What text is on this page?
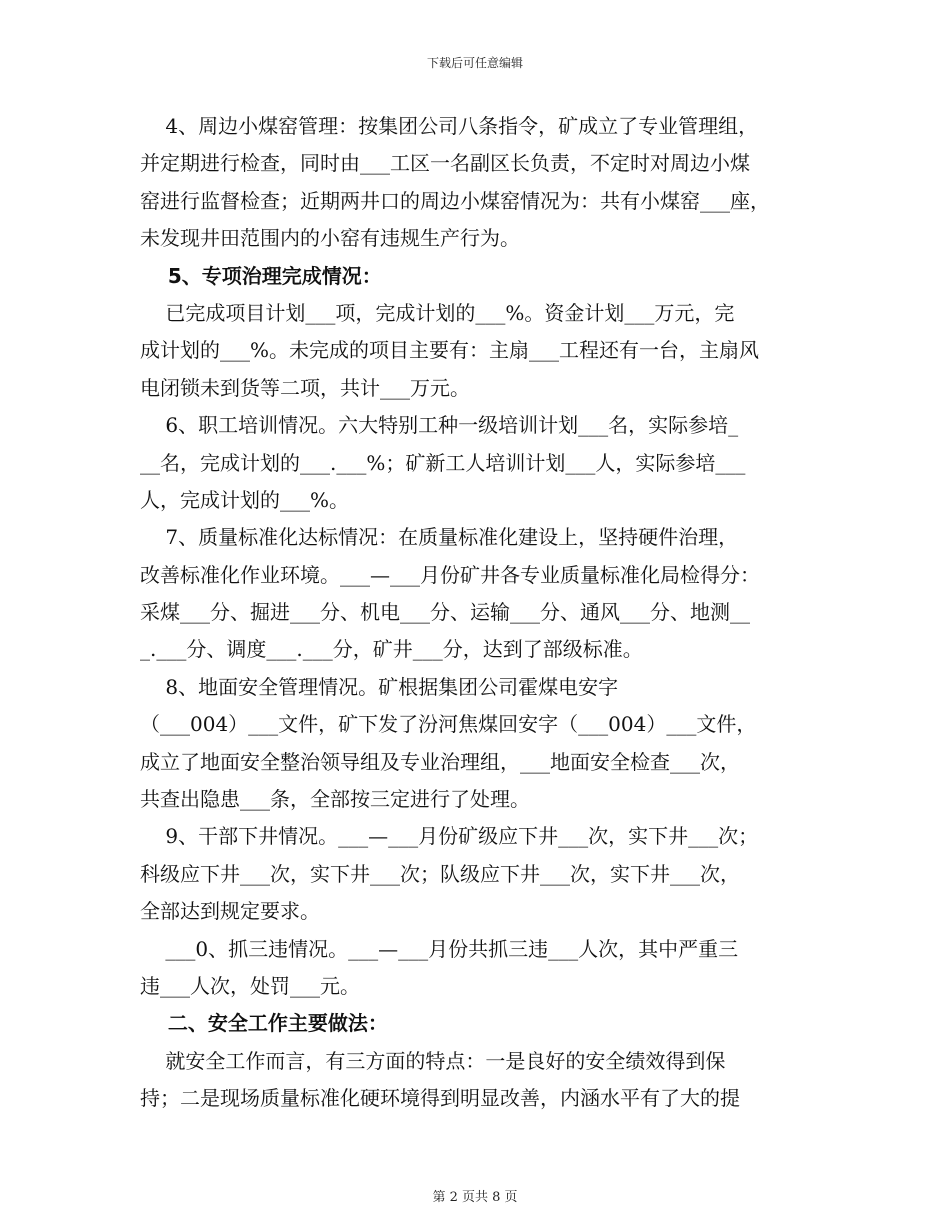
下载后可任意编辑
4、周边小煤窑管理：按集团公司八条指令，矿成立了专业管理组，
并定期进行检查，同时由___工区一名副区长负责，不定时对周边小煤
窑进行监督检查；近期两井口的周边小煤窑情况为：共有小煤窑___座，
未发现井田范围内的小窑有违规生产行为。
5、专项治理完成情况：
已完成项目计划___项，完成计划的___%。资金计划___万元，完
成计划的___%。未完成的项目主要有：主扇___工程还有一台，主扇风
电闭锁未到货等二项，共计___万元。
6、职工培训情况。六大特别工种一级培训计划___名，实际参培_
__名，完成计划的___.___%；矿新工人培训计划___人，实际参培___
人，完成计划的___%。
7、质量标准化达标情况：在质量标准化建设上，坚持硬件治理，
改善标准化作业环境。___—___月份矿井各专业质量标准化局检得分：
采煤___分、掘进___分、机电___分、运输___分、通风___分、地测__
_.___分、调度___.___分，矿井___分，达到了部级标准。
8、地面安全管理情况。矿根据集团公司霍煤电安字
（___004）___文件，矿下发了汾河焦煤回安字（___004）___文件，
成立了地面安全整治领导组及专业治理组，___地面安全检查___次，
共查出隐患___条，全部按三定进行了处理。
9、干部下井情况。___—___月份矿级应下井___次，实下井___次；
科级应下井___次，实下井___次；队级应下井___次，实下井___次，
全部达到规定要求。
___0、抓三违情况。___—___月份共抓三违___人次，其中严重三
违___人次，处罚___元。
二、安全工作主要做法：
就安全工作而言，有三方面的特点：一是良好的安全绩效得到保
持；二是现场质量标准化硬环境得到明显改善，内涵水平有了大的提
第 2 页共 8 页
